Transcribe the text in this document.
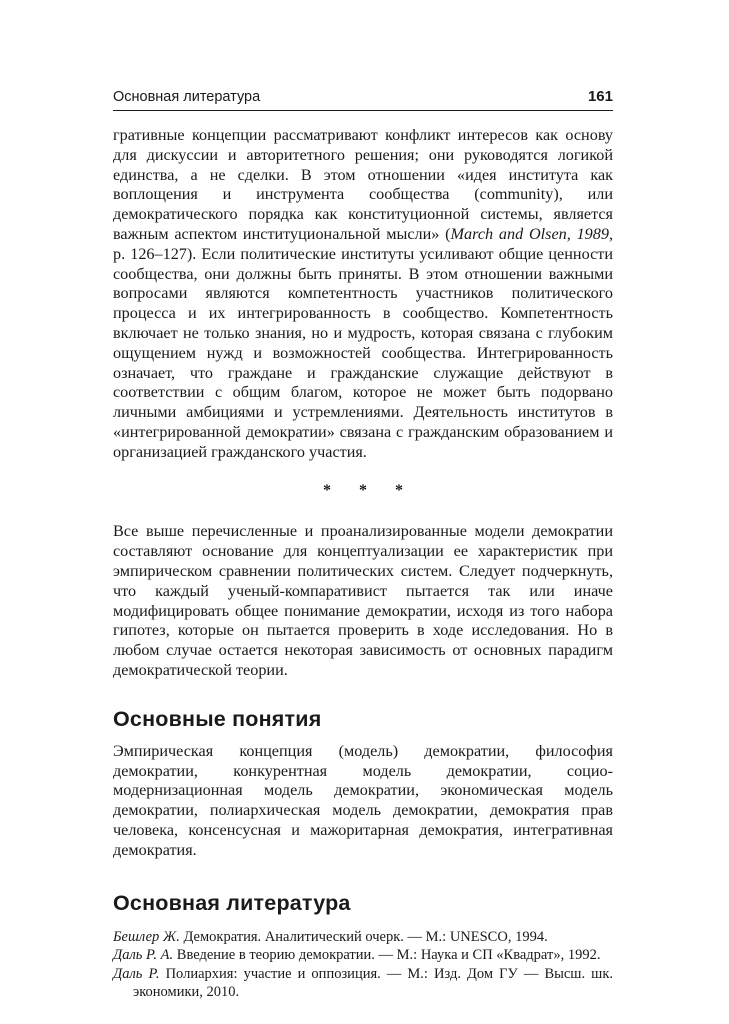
Основная литература	161

гративные концепции рассматривают конфликт интересов как основу для дискуссии и авторитетного решения; они руководятся логикой единства, а не сделки. В этом отношении «идея института как воплощения и инструмента сообщества (community), или демократического порядка как конституционной системы, является важным аспектом институциональной мысли» (March and Olsen, 1989, p. 126–127). Если политические институты усиливают общие ценности сообщества, они должны быть приняты. В этом отношении важными вопросами являются компетентность участников политического процесса и их интегрированность в сообщество. Компетентность включает не только знания, но и мудрость, которая связана с глубоким ощущением нужд и возможностей сообщества. Интегрированность означает, что граждане и гражданские служащие действуют в соответствии с общим благом, которое не может быть подорвано личными амбициями и устремлениями. Деятельность институтов в «интегрированной демократии» связана с гражданским образованием и организацией гражданского участия.

* * *

Все выше перечисленные и проанализированные модели демократии составляют основание для концептуализации ее характеристик при эмпирическом сравнении политических систем. Следует подчеркнуть, что каждый ученый-компаративист пытается так или иначе модифицировать общее понимание демократии, исходя из того набора гипотез, которые он пытается проверить в ходе исследования. Но в любом случае остается некоторая зависимость от основных парадигм демократической теории.

Основные понятия

Эмпирическая концепция (модель) демократии, философия демократии, конкурентная модель демократии, социо-модернизационная модель демократии, экономическая модель демократии, полиархическая модель демократии, демократия прав человека, консенсусная и мажоритарная демократия, интегративная демократия.

Основная литература

Бешлер Ж. Демократия. Аналитический очерк. — М.: UNESCO, 1994.

Даль Р. А. Введение в теорию демократии. — М.: Наука и СП «Квадрат», 1992.

Даль Р. Полиархия: участие и оппозиция. — М.: Изд. Дом ГУ — Высш. шк. экономики, 2010.
